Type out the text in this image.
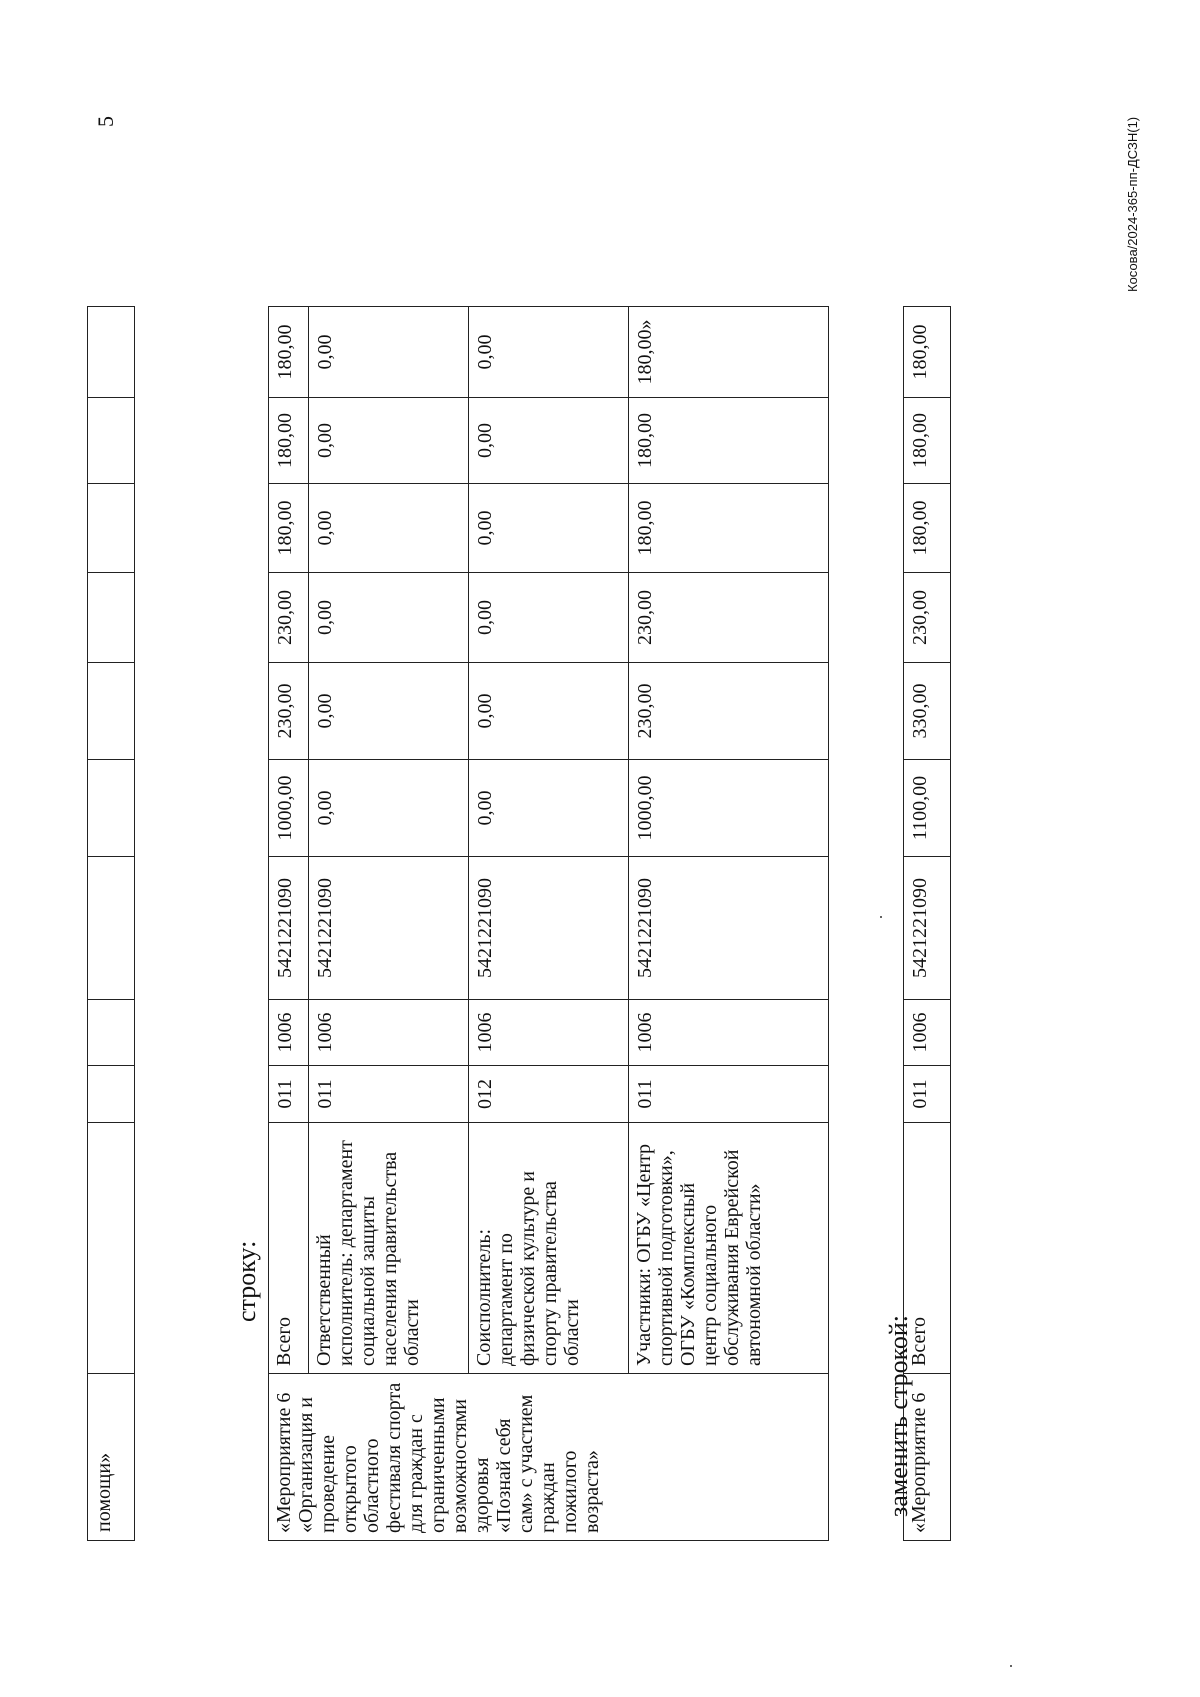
5	Косова/2024-365-пп-ДСЗН(1)
помощи»											
строку:
«Мероприятие 6 «Организация и проведение открытого областного фестиваля спорта для граждан с ограниченными возможностями здоровья «Познай себя сам» с участием граждан пожилого возраста»	Всего	011	1006	5421221090	1000,00	230,00	230,00	180,00	180,00	180,00
	Ответственный исполнитель: департамент социальной защиты населения правительства области	011	1006	5421221090	0,00	0,00	0,00	0,00	0,00	0,00
	Соисполнитель: департамент по физической культуре и спорту правительства области	012	1006	5421221090	0,00	0,00	0,00	0,00	0,00	0,00
	Участники: ОГБУ «Центр спортивной подготовки», ОГБУ «Комплексный центр социального обслуживания Еврейской автономной области»	011	1006	5421221090	1000,00	230,00	230,00	180,00	180,00	180,00»
заменить строкой:
«Мероприятие 6	Всего	011	1006	5421221090	1100,00	330,00	230,00	180,00	180,00	180,00
